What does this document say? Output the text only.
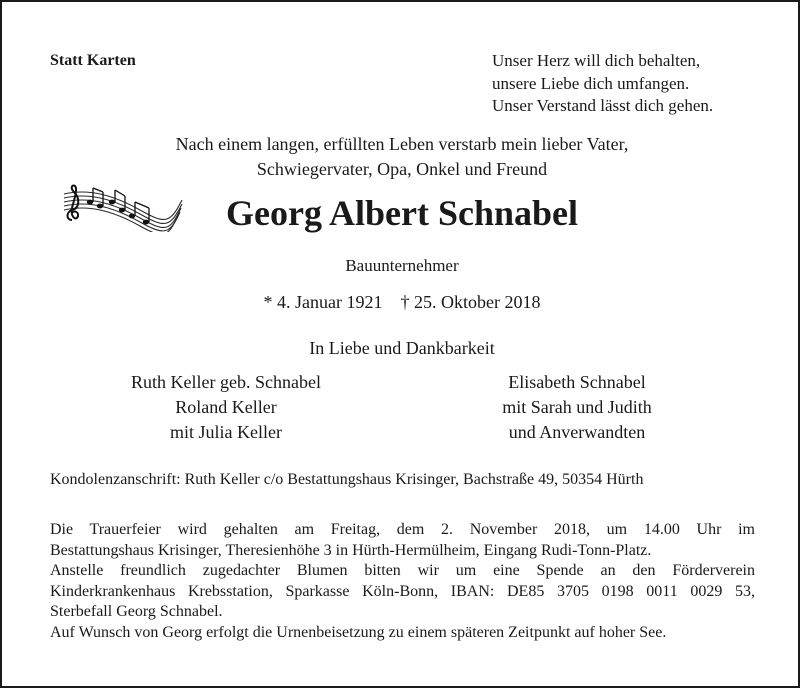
Statt Karten	Unser Herz will dich behalten,
unsere Liebe dich umfangen.
Unser Verstand lässt dich gehen.
Nach einem langen, erfüllten Leben verstarb mein lieber Vater,
Schwiegervater, Opa, Onkel und Freund
Georg Albert Schnabel
Bauunternehmer
* 4. Januar 1921 † 25. Oktober 2018
In Liebe und Dankbarkeit
Ruth Keller geb. Schnabel
Roland Keller
mit Julia Keller
Elisabeth Schnabel
mit Sarah und Judith
und Anverwandten
Kondolenzanschrift: Ruth Keller c/o Bestattungshaus Krisinger, Bachstraße 49, 50354 Hürth
Die Trauerfeier wird gehalten am Freitag, dem 2. November 2018, um 14.00 Uhr im
Bestattungshaus Krisinger, Theresienhöhe 3 in Hürth-Hermülheim, Eingang Rudi-Tonn-Platz.
Anstelle freundlich zugedachter Blumen bitten wir um eine Spende an den Förderverein
Kinderkrankenhaus Krebsstation, Sparkasse Köln-Bonn, IBAN: DE85 3705 0198 0011 0029 53,
Sterbefall Georg Schnabel.
Auf Wunsch von Georg erfolgt die Urnenbeisetzung zu einem späteren Zeitpunkt auf hoher See.
